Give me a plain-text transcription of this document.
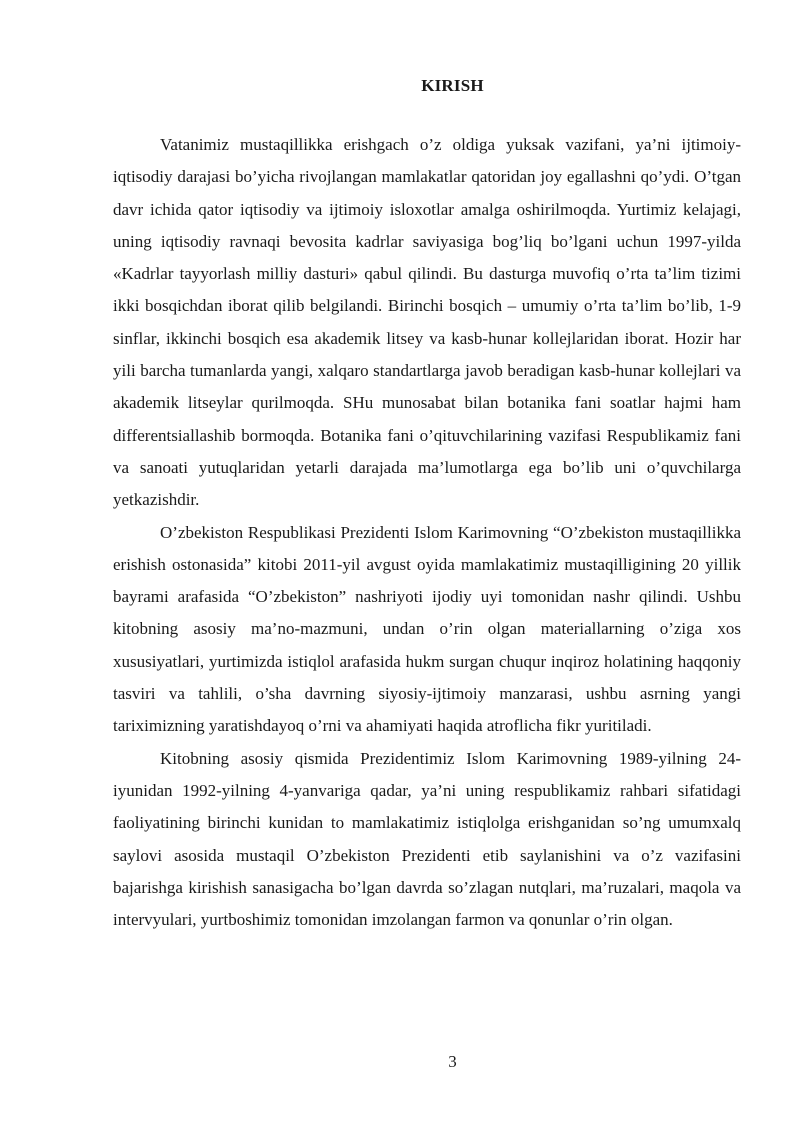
KIRISH

Vatanimiz mustaqillikka erishgach o’z oldiga yuksak vazifani, ya’ni ijtimoiy-iqtisodiy darajasi bo’yicha rivojlangan mamlakatlar qatoridan joy egallashni qo’ydi. O’tgan davr ichida qator iqtisodiy va ijtimoiy isloxotlar amalga oshirilmoqda. Yurtimiz kelajagi, uning iqtisodiy ravnaqi bevosita kadrlar saviyasiga bog’liq bo’lgani uchun 1997-yilda «Kadrlar tayyorlash milliy dasturi» qabul qilindi. Bu dasturga muvofiq o’rta ta’lim tizimi ikki bosqichdan iborat qilib belgilandi. Birinchi bosqich – umumiy o’rta ta’lim bo’lib, 1-9 sinflar, ikkinchi bosqich esa akademik litsey va kasb-hunar kollejlaridan iborat. Hozir har yili barcha tumanlarda yangi, xalqaro standartlarga javob beradigan kasb-hunar kollejlari va akademik litseylar qurilmoqda. SHu munosabat bilan botanika fani soatlar hajmi ham differentsiallashib bormoqda. Botanika fani o’qituvchilarining vazifasi Respublikamiz fani va sanoati yutuqlaridan yetarli darajada ma’lumotlarga ega bo’lib uni o’quvchilarga yetkazishdir.

O’zbekiston Respublikasi Prezidenti Islom Karimovning “O’zbekiston mustaqillikka erishish ostonasida” kitobi 2011-yil avgust oyida mamlakatimiz mustaqilligining 20 yillik bayrami arafasida “O’zbekiston” nashriyoti ijodiy uyi tomonidan nashr qilindi. Ushbu kitobning asosiy ma’no-mazmuni, undan o’rin olgan materiallarning o’ziga xos xususiyatlari, yurtimizda istiqlol arafasida hukm surgan chuqur inqiroz holatining haqqoniy tasviri va tahlili, o’sha davrning siyosiy-ijtimoiy manzarasi, ushbu asrning yangi tariximizning yaratishdayoq o’rni va ahamiyati haqida atroflicha fikr yuritiladi.

Kitobning asosiy qismida Prezidentimiz Islom Karimovning 1989-yilning 24-iyunidan 1992-yilning 4-yanvariga qadar, ya’ni uning respublikamiz rahbari sifatidagi faoliyatining birinchi kunidan to mamlakatimiz istiqlolga erishganidan so’ng umumxalq saylovi asosida mustaqil O’zbekiston Prezidenti etib saylanishini va o’z vazifasini bajarishga kirishish sanasigacha bo’lgan davrda so’zlagan nutqlari, ma’ruzalari, maqola va intervyulari, yurtboshimiz tomonidan imzolangan farmon va qonunlar o’rin olgan.

3
